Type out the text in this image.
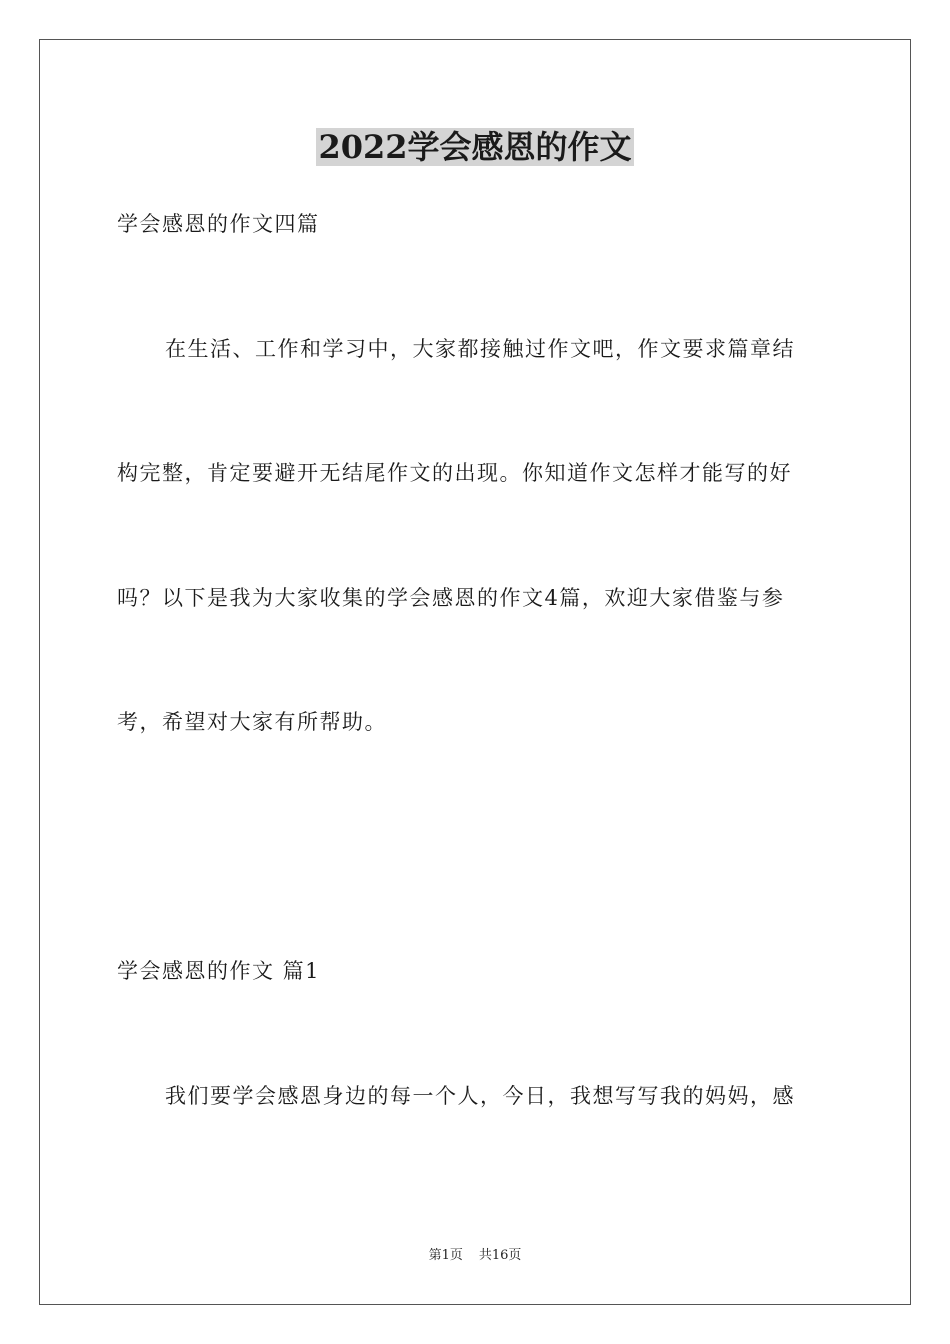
2022学会感恩的作文
学会感恩的作文四篇
在生活、工作和学习中，大家都接触过作文吧，作文要求篇章结
构完整，肯定要避开无结尾作文的出现。你知道作文怎样才能写的好
吗？以下是我为大家收集的学会感恩的作文4篇，欢迎大家借鉴与参
考，希望对大家有所帮助。
学会感恩的作文 篇1
我们要学会感恩身边的每一个人，今日，我想写写我的妈妈，感
第1页 共16页
